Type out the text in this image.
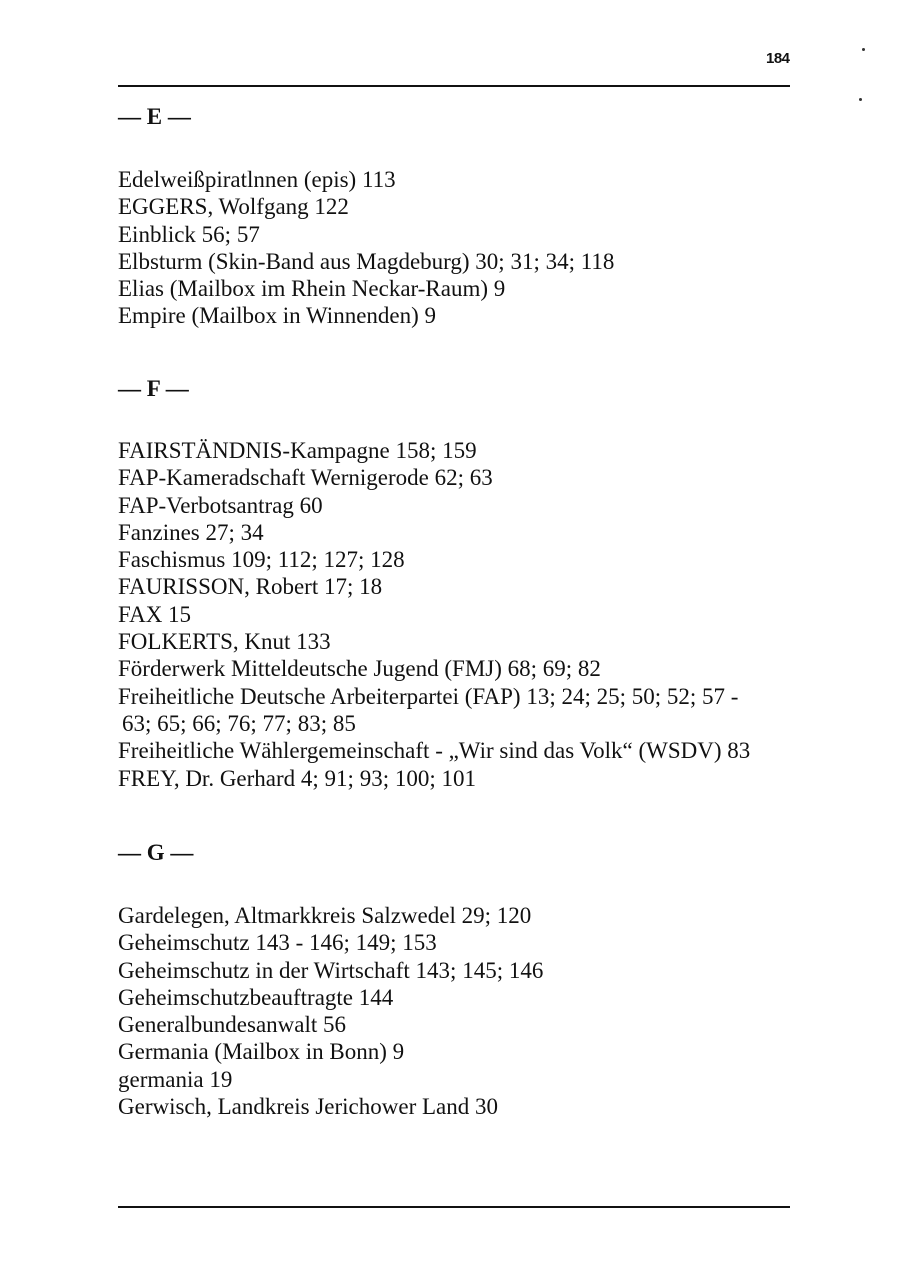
184
— E —
Edelweißpiratlnnen (epis) 113
EGGERS, Wolfgang 122
Einblick 56; 57
Elbsturm (Skin-Band aus Magdeburg) 30; 31; 34; 118
Elias (Mailbox im Rhein Neckar-Raum) 9
Empire (Mailbox in Winnenden) 9
— F —
FAIRSTÄNDNIS-Kampagne 158; 159
FAP-Kameradschaft Wernigerode 62; 63
FAP-Verbotsantrag 60
Fanzines 27; 34
Faschismus 109; 112; 127; 128
FAURISSON, Robert 17; 18
FAX 15
FOLKERTS, Knut 133
Förderwerk Mitteldeutsche Jugend (FMJ) 68; 69; 82
Freiheitliche Deutsche Arbeiterpartei (FAP) 13; 24; 25; 50; 52; 57 -
63; 65; 66; 76; 77; 83; 85
Freiheitliche Wählergemeinschaft - „Wir sind das Volk“ (WSDV) 83
FREY, Dr. Gerhard 4; 91; 93; 100; 101
— G —
Gardelegen, Altmarkkreis Salzwedel 29; 120
Geheimschutz 143 - 146; 149; 153
Geheimschutz in der Wirtschaft 143; 145; 146
Geheimschutzbeauftragte 144
Generalbundesanwalt 56
Germania (Mailbox in Bonn) 9
germania 19
Gerwisch, Landkreis Jerichower Land 30
